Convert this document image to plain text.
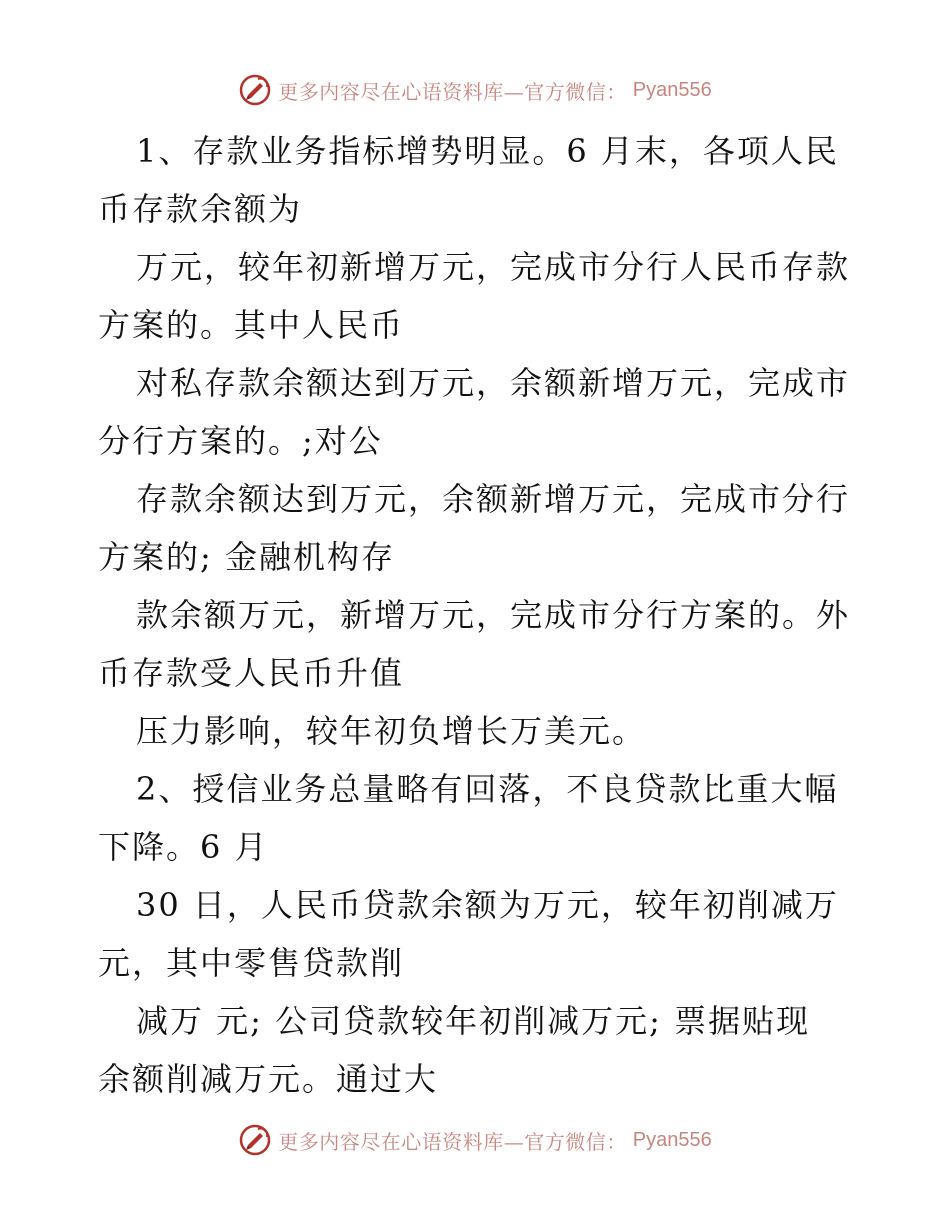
更多内容尽在心语资料库—官方微信： Pyan556
1、存款业务指标增势明显。6 月末，各项人民
币存款余额为
万元，较年初新增万元，完成市分行人民币存款
方案的。其中人民币
对私存款余额达到万元，余额新增万元，完成市
分行方案的。;对公
存款余额达到万元，余额新增万元，完成市分行
方案的; 金融机构存
款余额万元，新增万元，完成市分行方案的。外
币存款受人民币升值
压力影响，较年初负增长万美元。
2、授信业务总量略有回落，不良贷款比重大幅
下降。6 月
30 日，人民币贷款余额为万元，较年初削减万
元，其中零售贷款削
减万 元; 公司贷款较年初削减万元; 票据贴现
余额削减万元。通过大
更多内容尽在心语资料库—官方微信： Pyan556
